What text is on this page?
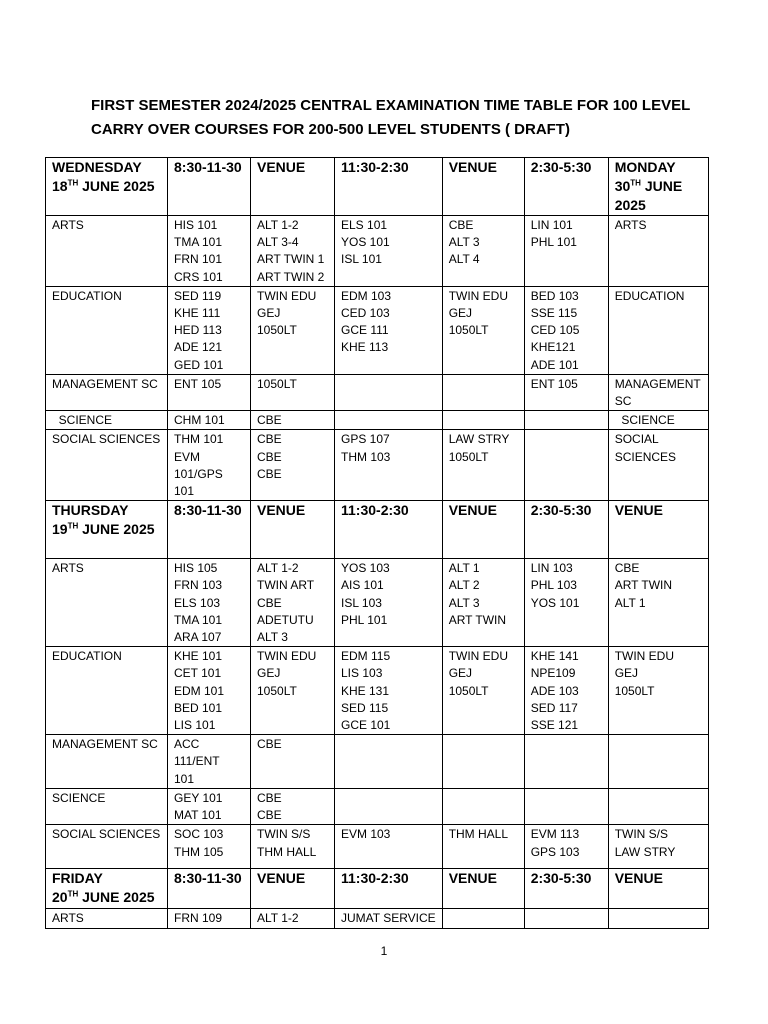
FIRST SEMESTER 2024/2025 CENTRAL EXAMINATION TIME TABLE FOR 100 LEVEL
CARRY OVER COURSES FOR 200-500 LEVEL STUDENTS ( DRAFT)
WEDNESDAY
18TH JUNE 2025	8:30-11-30	VENUE	11:30-2:30	VENUE	2:30-5:30	MONDAY
30TH JUNE
2025

ARTS	HIS 101
TMA 101
FRN 101
CRS 101	ALT 1-2
ALT 3-4
ART TWIN 1
ART TWIN 2	ELS 101
YOS 101
ISL 101	CBE
ALT 3
ALT 4	LIN 101
PHL 101	ARTS

EDUCATION	SED 119
KHE 111
HED 113
ADE 121
GED 101	TWIN EDU
GEJ
1050LT	EDM 103
CED 103
GCE 111
KHE 113	TWIN EDU
GEJ
1050LT	BED 103
SSE 115
CED 105
KHE121
ADE 101	EDUCATION

MANAGEMENT SC	ENT 105	1050LT			ENT 105	MANAGEMENT
SC

SCIENCE	CHM 101	CBE				SCIENCE

SOCIAL SCIENCES	THM 101
EVM
101/GPS
101	CBE
CBE
CBE	GPS 107
THM 103	LAW STRY
1050LT		SOCIAL
SCIENCES

THURSDAY
19TH JUNE 2025	8:30-11-30	VENUE	11:30-2:30	VENUE	2:30-5:30	VENUE

ARTS	HIS 105
FRN 103
ELS 103
TMA 101
ARA 107	ALT 1-2
TWIN ART
CBE
ADETUTU
ALT 3	YOS 103
AIS 101
ISL 103
PHL 101	ALT 1
ALT 2
ALT 3
ART TWIN	LIN 103
PHL 103
YOS 101	CBE
ART TWIN
ALT 1

EDUCATION	KHE 101
CET 101
EDM 101
BED 101
LIS 101	TWIN EDU
GEJ
1050LT	EDM 115
LIS 103
KHE 131
SED 115
GCE 101	TWIN EDU
GEJ
1050LT	KHE 141
NPE109
ADE 103
SED 117
SSE 121	TWIN EDU
GEJ
1050LT

MANAGEMENT SC	ACC
111/ENT
101	CBE				

SCIENCE	GEY 101
MAT 101	CBE
CBE				

SOCIAL SCIENCES	SOC 103
THM 105	TWIN S/S
THM HALL	EVM 103	THM HALL	EVM 113
GPS 103	TWIN S/S
LAW STRY

FRIDAY
20TH JUNE 2025	8:30-11-30	VENUE	11:30-2:30	VENUE	2:30-5:30	VENUE

ARTS	FRN 109	ALT 1-2	JUMAT SERVICE			

1
